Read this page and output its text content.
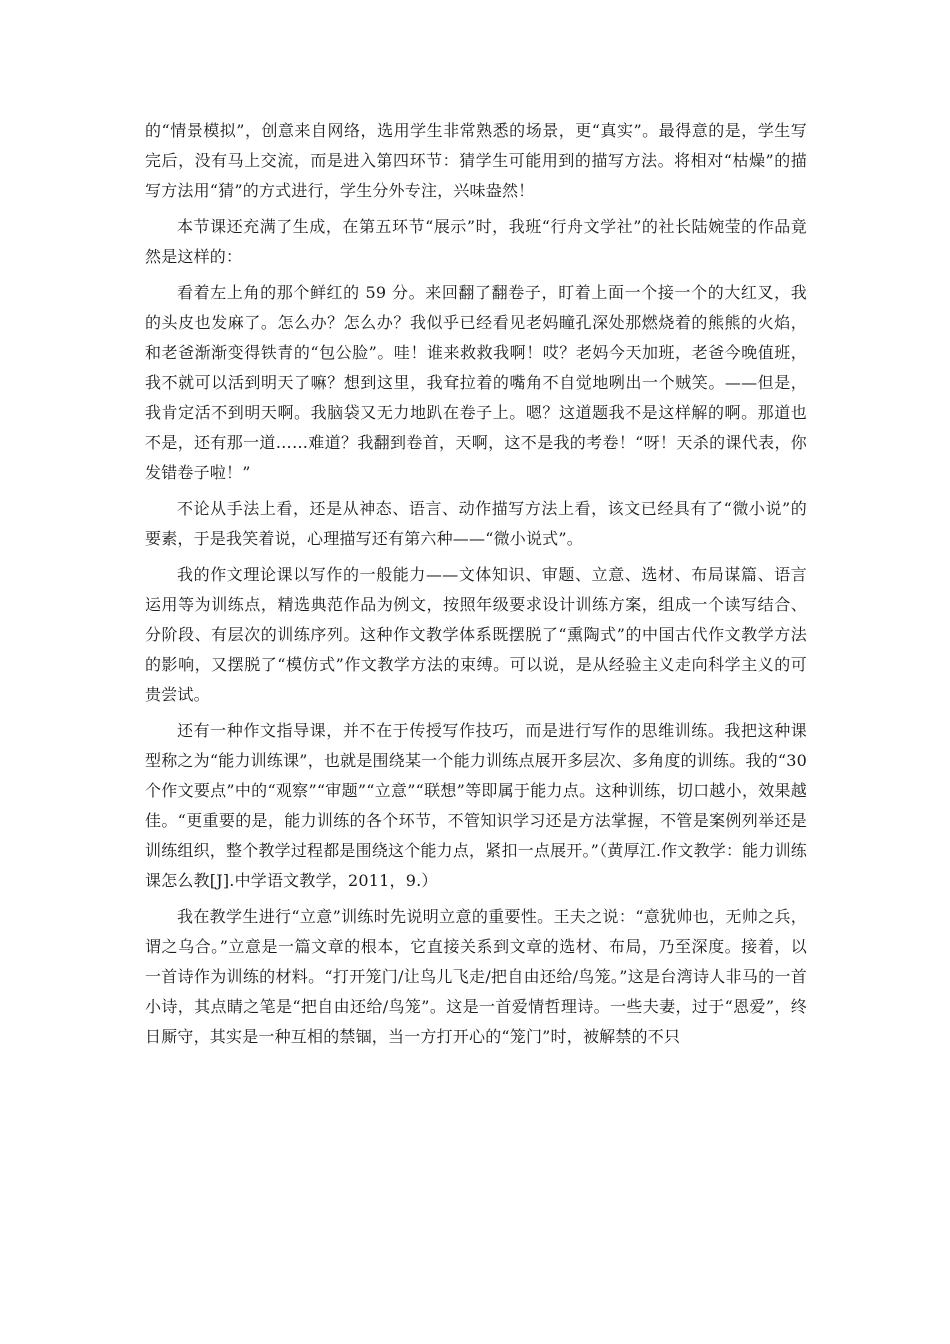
的“情景模拟”，创意来自网络，选用学生非常熟悉的场景，更“真实”。最得意的是，学生写完后，没有马上交流，而是进入第四环节：猜学生可能用到的描写方法。将相对“枯燥”的描写方法用“猜”的方式进行，学生分外专注，兴味盎然！

本节课还充满了生成，在第五环节“展示”时，我班“行舟文学社”的社长陆婉莹的作品竟然是这样的：

看着左上角的那个鲜红的 59 分。来回翻了翻卷子，盯着上面一个接一个的大红叉，我的头皮也发麻了。怎么办？怎么办？我似乎已经看见老妈瞳孔深处那燃烧着的熊熊的火焰，和老爸渐渐变得铁青的“包公脸”。哇！谁来救救我啊！哎？老妈今天加班，老爸今晚值班，我不就可以活到明天了嘛？想到这里，我耷拉着的嘴角不自觉地咧出一个贼笑。——但是，我肯定活不到明天啊。我脑袋又无力地趴在卷子上。嗯？这道题我不是这样解的啊。那道也不是，还有那一道……难道？我翻到卷首，天啊，这不是我的考卷！“呀！天杀的课代表，你发错卷子啦！”

不论从手法上看，还是从神态、语言、动作描写方法上看，该文已经具有了“微小说”的要素，于是我笑着说，心理描写还有第六种——“微小说式”。

我的作文理论课以写作的一般能力——文体知识、审题、立意、选材、布局谋篇、语言运用等为训练点，精选典范作品为例文，按照年级要求设计训练方案，组成一个读写结合、分阶段、有层次的训练序列。这种作文教学体系既摆脱了“熏陶式”的中国古代作文教学方法的影响，又摆脱了“模仿式”作文教学方法的束缚。可以说，是从经验主义走向科学主义的可贵尝试。

还有一种作文指导课，并不在于传授写作技巧，而是进行写作的思维训练。我把这种课型称之为“能力训练课”，也就是围绕某一个能力训练点展开多层次、多角度的训练。我的“30 个作文要点”中的“观察”“审题”“立意”“联想”等即属于能力点。这种训练，切口越小，效果越佳。“更重要的是，能力训练的各个环节，不管知识学习还是方法掌握，不管是案例列举还是训练组织，整个教学过程都是围绕这个能力点，紧扣一点展开。”（黄厚江.作文教学：能力训练课怎么教[J].中学语文教学，2011，9.）

我在教学生进行“立意”训练时先说明立意的重要性。王夫之说：“意犹帅也，无帅之兵，谓之乌合。”立意是一篇文章的根本，它直接关系到文章的选材、布局，乃至深度。接着，以一首诗作为训练的材料。“打开笼门/让鸟儿飞走/把自由还给/鸟笼。”这是台湾诗人非马的一首小诗，其点睛之笔是“把自由还给/鸟笼”。这是一首爱情哲理诗。一些夫妻，过于“恩爱”，终日厮守，其实是一种互相的禁锢，当一方打开心的“笼门”时，被解禁的不只
